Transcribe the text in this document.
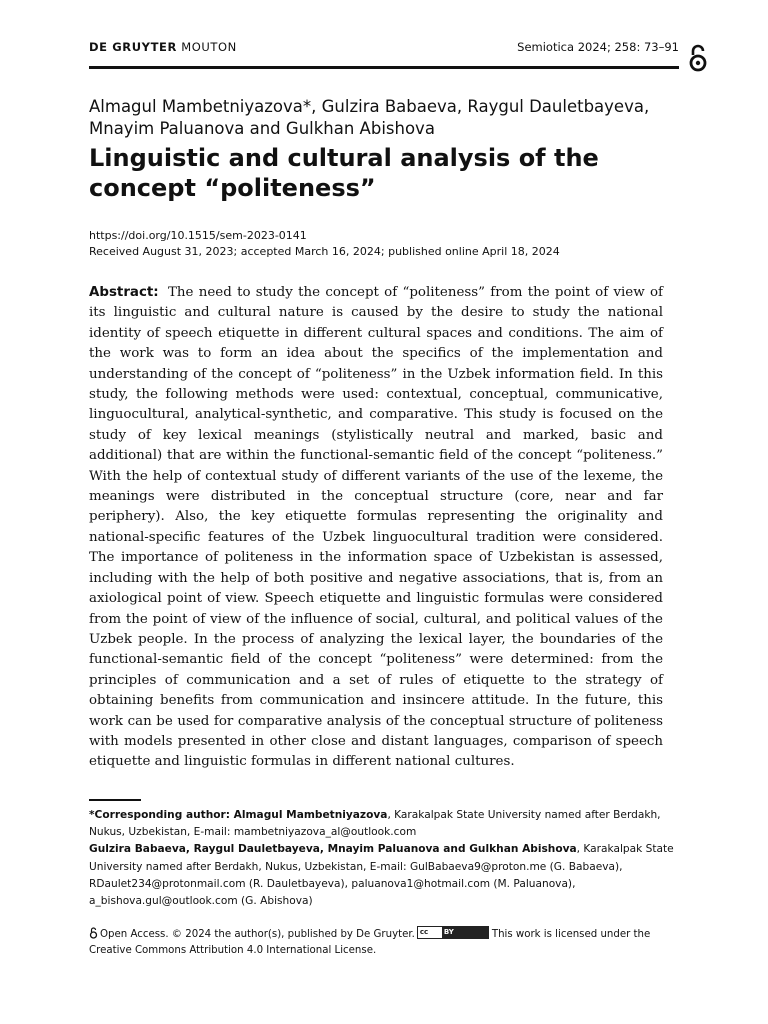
DE GRUYTER MOUTON	Semiotica 2024; 258: 73–91
Almagul Mambetniyazova*, Gulzira Babaeva, Raygul Dauletbayeva,
Mnayim Paluanova and Gulkhan Abishova
Linguistic and cultural analysis of the
concept “politeness”
https://doi.org/10.1515/sem-2023-0141
Received August 31, 2023; accepted March 16, 2024; published online April 18, 2024
Abstract: The need to study the concept of “politeness” from the point of view of its linguistic and cultural nature is caused by the desire to study the national identity of speech etiquette in different cultural spaces and conditions. The aim of the work was to form an idea about the specifics of the implementation and understanding of the concept of “politeness” in the Uzbek information field. In this study, the following methods were used: contextual, conceptual, communicative, linguocultural, analytical-synthetic, and comparative. This study is focused on the study of key lexical meanings (stylistically neutral and marked, basic and additional) that are within the functional-semantic field of the concept “politeness.” With the help of contextual study of different variants of the use of the lexeme, the meanings were distributed in the conceptual structure (core, near and far periphery). Also, the key etiquette formulas representing the originality and national-specific features of the Uzbek linguocultural tradition were considered. The importance of politeness in the information space of Uzbekistan is assessed, including with the help of both positive and negative associations, that is, from an axiological point of view. Speech etiquette and linguistic formulas were considered from the point of view of the influence of social, cultural, and political values of the Uzbek people. In the process of analyzing the lexical layer, the boundaries of the functional-semantic field of the concept “politeness” were determined: from the principles of communication and a set of rules of etiquette to the strategy of obtaining benefits from communication and insincere attitude. In the future, this work can be used for comparative analysis of the conceptual structure of politeness with models presented in other close and distant languages, comparison of speech etiquette and linguistic formulas in different national cultures.
*Corresponding author: Almagul Mambetniyazova, Karakalpak State University named after Berdakh, Nukus, Uzbekistan, E-mail: mambetniyazova_al@outlook.com
Gulzira Babaeva, Raygul Dauletbayeva, Mnayim Paluanova and Gulkhan Abishova, Karakalpak State University named after Berdakh, Nukus, Uzbekistan, E-mail: GulBabaeva9@proton.me (G. Babaeva), RDaulet234@protonmail.com (R. Dauletbayeva), paluanova1@hotmail.com (M. Paluanova), a_bishova.gul@outlook.com (G. Abishova)
Open Access. © 2024 the author(s), published by De Gruyter. cc BY	This work is licensed under the Creative Commons Attribution 4.0 International License.
